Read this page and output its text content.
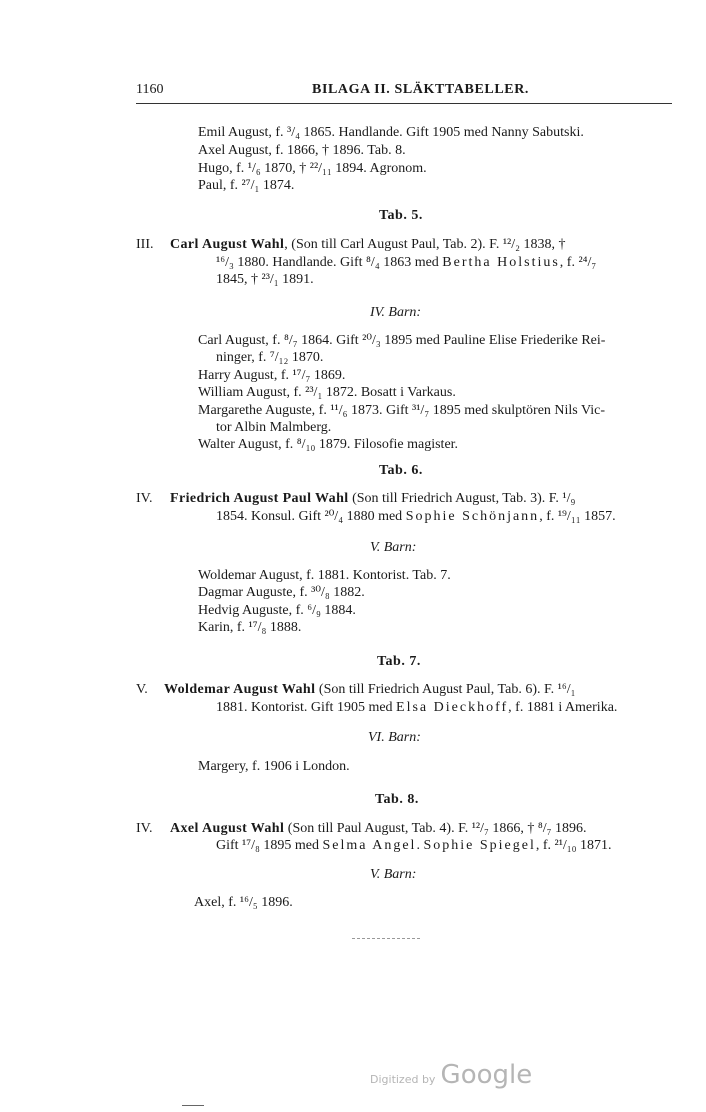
1160	BILAGA II. SLÄKTTABELLER.
Emil August, f. ³/₄ 1865. Handlande. Gift 1905 med Nanny Sabutski.
Axel August, f. 1866, † 1896. Tab. 8.
Hugo, f. ¹/₆ 1870, † ²²/₁₁ 1894. Agronom.
Paul, f. ²⁷/₁ 1874.
Tab. 5.
III. Carl August Wahl, (Son till Carl August Paul, Tab. 2). F. ¹²/₂ 1838, †
¹⁶/₃ 1880. Handlande. Gift ⁸/₄ 1863 med Bertha Holstius, f. ²⁴/₇
1845, † ²³/₁ 1891.
IV. Barn:
Carl August, f. ⁸/₇ 1864. Gift ²⁰/₃ 1895 med Pauline Elise Friederike Rei-
ninger, f. ⁷/₁₂ 1870.
Harry August, f. ¹⁷/₇ 1869.
William August, f. ²³/₁ 1872. Bosatt i Varkaus.
Margarethe Auguste, f. ¹¹/₆ 1873. Gift ³¹/₇ 1895 med skulptören Nils Vic-
tor Albin Malmberg.
Walter August, f. ⁸/₁₀ 1879. Filosofie magister.
Tab. 6.
IV. Friedrich August Paul Wahl (Son till Friedrich August, Tab. 3). F. ¹/₉
1854. Konsul. Gift ²⁰/₄ 1880 med Sophie Schönjann, f. ¹⁹/₁₁ 1857.
V. Barn:
Woldemar August, f. 1881. Kontorist. Tab. 7.
Dagmar Auguste, f. ³⁰/₈ 1882.
Hedvig Auguste, f. ⁶/₉ 1884.
Karin, f. ¹⁷/₈ 1888.
Tab. 7.
V. Woldemar August Wahl (Son till Friedrich August Paul, Tab. 6). F. ¹⁶/₁
1881. Kontorist. Gift 1905 med Elsa Dieckhoff, f. 1881 i Amerika.
VI. Barn:
Margery, f. 1906 i London.
Tab. 8.
IV. Axel August Wahl (Son till Paul August, Tab. 4). F. ¹²/₇ 1866, † ⁸/₇ 1896.
Gift ¹⁷/₈ 1895 med Selma Angel. Sophie Spiegel, f. ²¹/₁₀ 1871.
V. Barn:
Axel, f. ¹⁶/₅ 1896.
Digitized by Google
